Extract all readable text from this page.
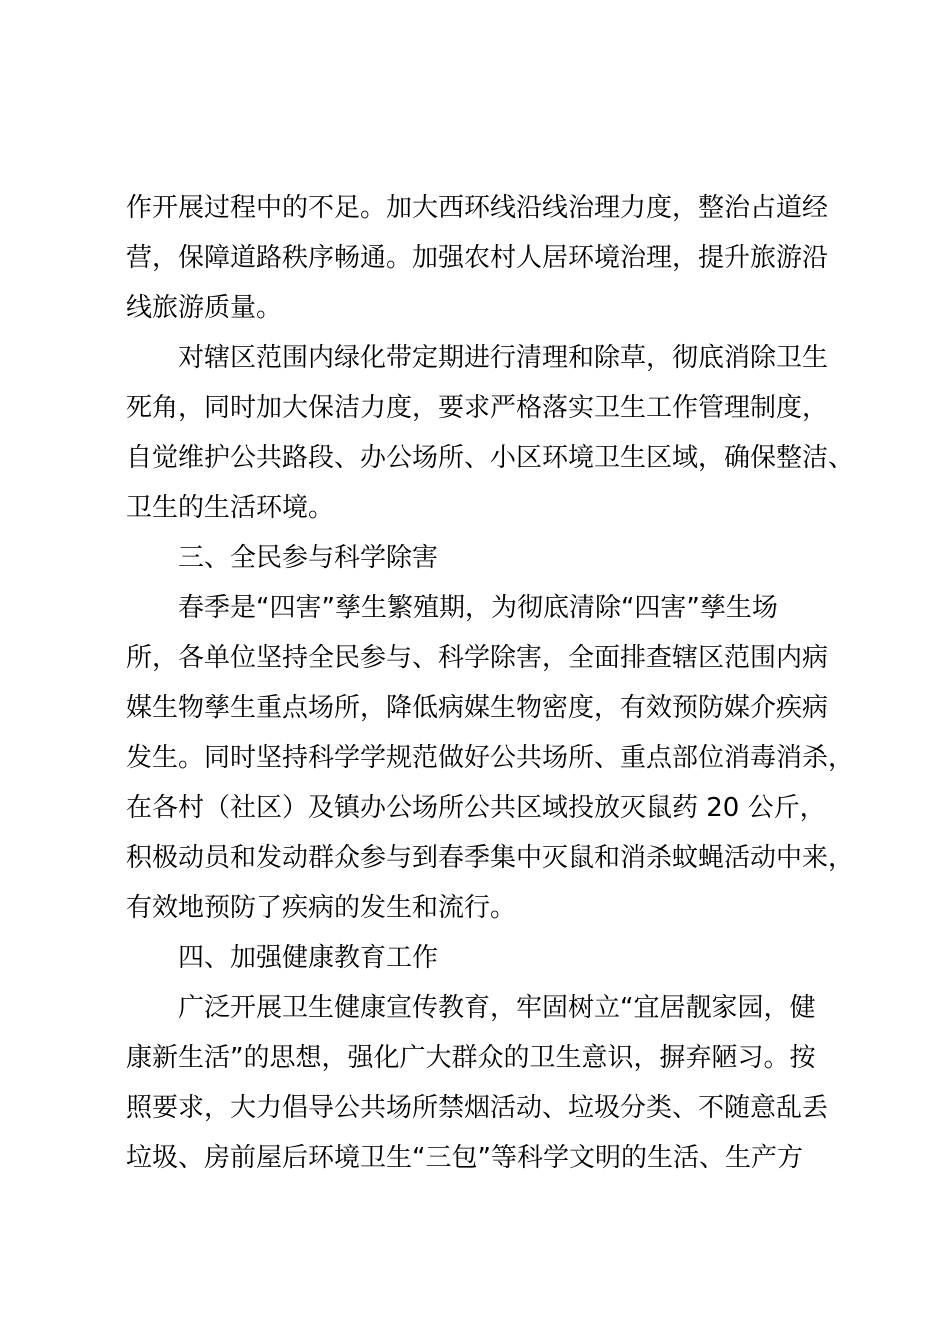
作开展过程中的不足。加大西环线沿线治理力度，整治占道经
营，保障道路秩序畅通。加强农村人居环境治理，提升旅游沿
线旅游质量。
对辖区范围内绿化带定期进行清理和除草，彻底消除卫生
死角，同时加大保洁力度，要求严格落实卫生工作管理制度，
自觉维护公共路段、办公场所、小区环境卫生区域，确保整洁、
卫生的生活环境。
三、全民参与科学除害
春季是“四害”孳生繁殖期，为彻底清除“四害”孳生场
所，各单位坚持全民参与、科学除害，全面排查辖区范围内病
媒生物孳生重点场所，降低病媒生物密度，有效预防媒介疾病
发生。同时坚持科学学规范做好公共场所、重点部位消毒消杀，
在各村（社区）及镇办公场所公共区域投放灭鼠药 20 公斤，
积极动员和发动群众参与到春季集中灭鼠和消杀蚊蝇活动中来，
有效地预防了疾病的发生和流行。
四、加强健康教育工作
广泛开展卫生健康宣传教育，牢固树立“宜居靓家园，健
康新生活”的思想，强化广大群众的卫生意识，摒弃陋习。按
照要求，大力倡导公共场所禁烟活动、垃圾分类、不随意乱丢
垃圾、房前屋后环境卫生“三包”等科学文明的生活、生产方
